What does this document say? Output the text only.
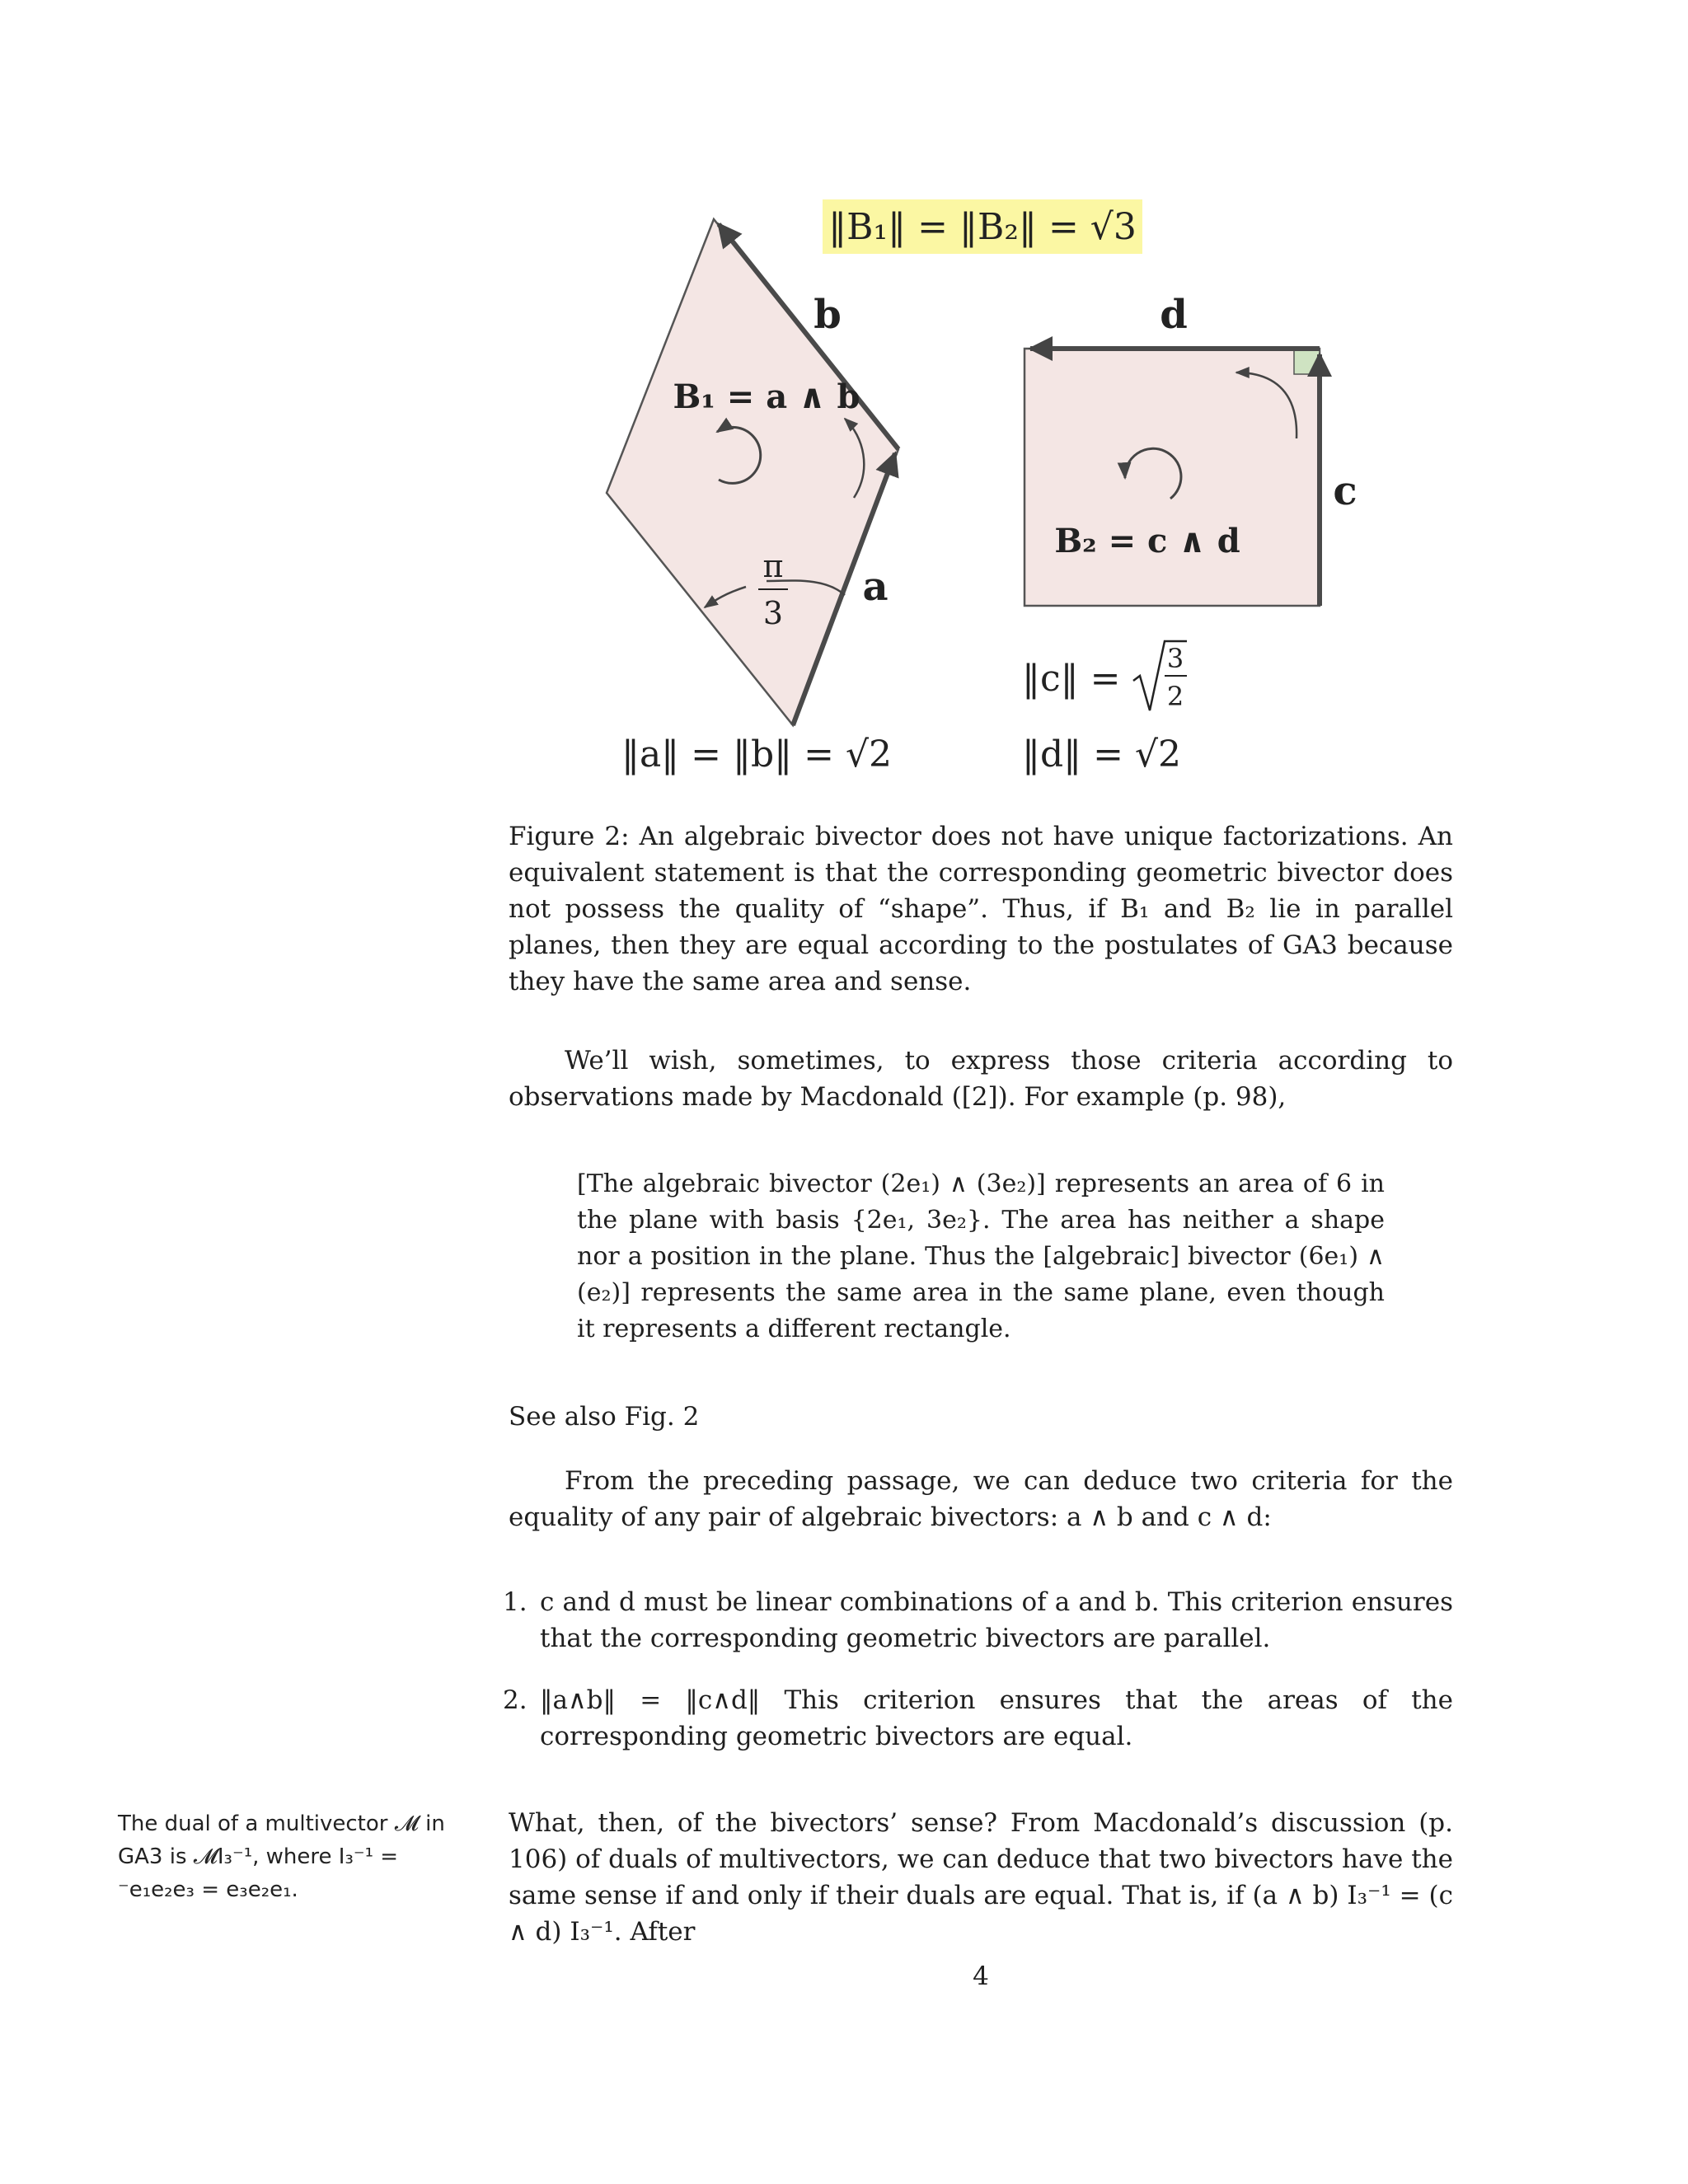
‖B₁‖ = ‖B₂‖ = √3
b
B₁ = a ∧ b
π
3
a
‖a‖ = ‖b‖ = √2
d
c
B₂ = c ∧ d
‖c‖ = 3
2
‖d‖ = √2
Figure 2: An algebraic bivector does not have unique factorizations. An equivalent statement is that the corresponding geometric bivector does not possess the quality of “shape”. Thus, if B₁ and B₂ lie in parallel planes, then they are equal according to the postulates of GA3 because they have the same area and sense.
We’ll wish, sometimes, to express those criteria according to observations made by Macdonald ([2]). For example (p. 98),
[The algebraic bivector (2e₁) ∧ (3e₂)] represents an area of 6 in the plane with basis {2e₁, 3e₂}. The area has neither a shape nor a position in the plane. Thus the [algebraic] bivector (6e₁) ∧ (e₂)] represents the same area in the same plane, even though it represents a different rectangle.
See also Fig. 2
From the preceding passage, we can deduce two criteria for the equality of any pair of algebraic bivectors: a ∧ b and c ∧ d:
1. c and d must be linear combinations of a and b. This criterion ensures that the corresponding geometric bivectors are parallel.
2. ‖a∧b‖ = ‖c∧d‖ This criterion ensures that the areas of the corresponding geometric bivectors are equal.
The dual of a multivector 𝓜 in GA3 is 𝓜I₃⁻¹, where I₃⁻¹ = ⁻e₁e₂e₃ = e₃e₂e₁.
What, then, of the bivectors’ sense? From Macdonald’s discussion (p. 106) of duals of multivectors, we can deduce that two bivectors have the same sense if and only if their duals are equal. That is, if (a ∧ b) I₃⁻¹ = (c ∧ d) I₃⁻¹. After
4
